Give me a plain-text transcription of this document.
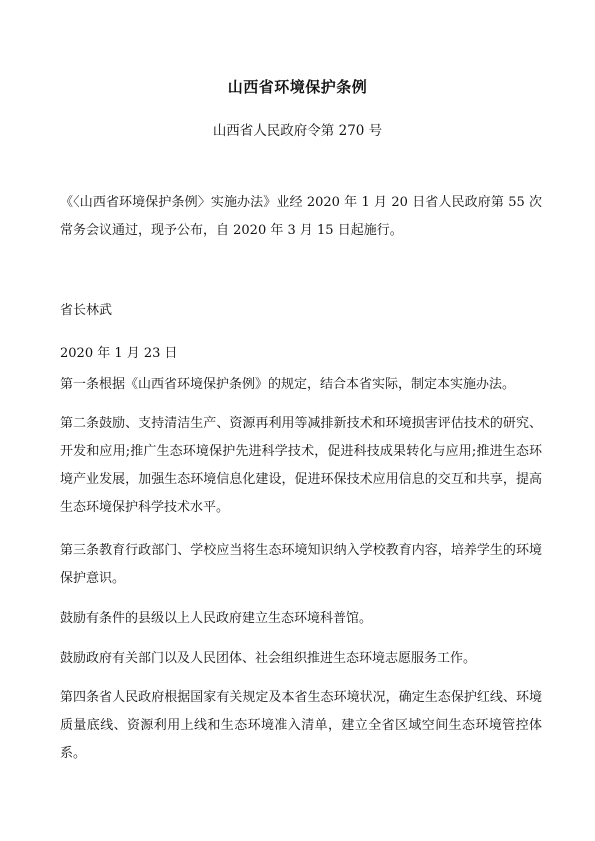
山西省环境保护条例
山西省人民政府令第 270 号

《〈山西省环境保护条例〉实施办法》业经 2020 年 1 月 20 日省人民政府第 55 次常务会议通过，现予公布，自 2020 年 3 月 15 日起施行。

省长林武

2020 年 1 月 23 日

第一条根据《山西省环境保护条例》的规定，结合本省实际，制定本实施办法。

第二条鼓励、支持清洁生产、资源再利用等减排新技术和环境损害评估技术的研究、开发和应用;推广生态环境保护先进科学技术，促进科技成果转化与应用;推进生态环境产业发展，加强生态环境信息化建设，促进环保技术应用信息的交互和共享，提高生态环境保护科学技术水平。

第三条教育行政部门、学校应当将生态环境知识纳入学校教育内容，培养学生的环境保护意识。

鼓励有条件的县级以上人民政府建立生态环境科普馆。

鼓励政府有关部门以及人民团体、社会组织推进生态环境志愿服务工作。

第四条省人民政府根据国家有关规定及本省生态环境状况，确定生态保护红线、环境质量底线、资源利用上线和生态环境准入清单，建立全省区域空间生态环境管控体系。
